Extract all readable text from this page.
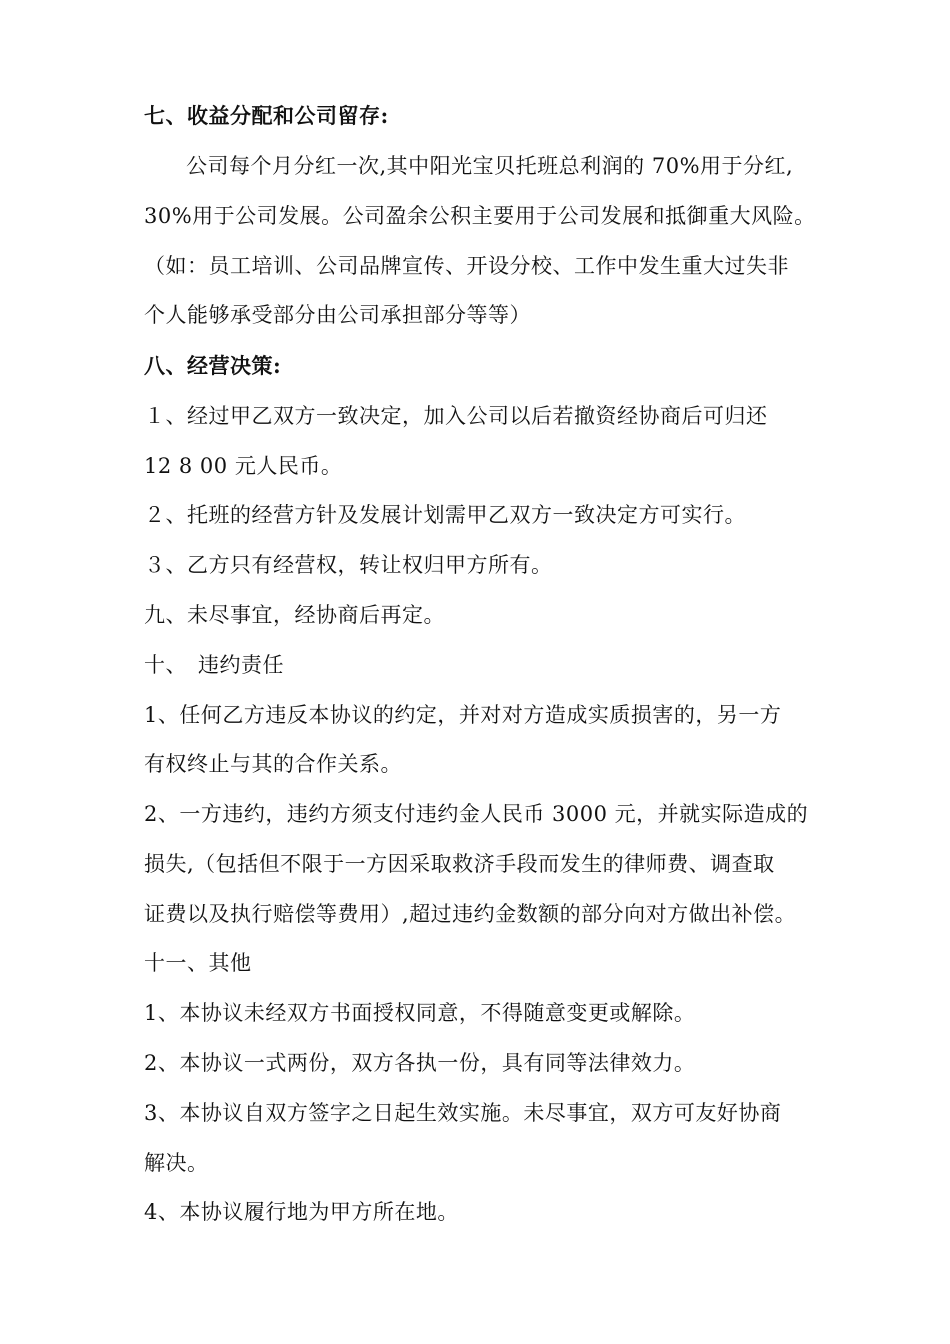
七、收益分配和公司留存:
公司每个月分红一次,其中阳光宝贝托班总利润的 70%用于分红,
30%用于公司发展。公司盈余公积主要用于公司发展和抵御重大风险。
（如：员工培训、公司品牌宣传、开设分校、工作中发生重大过失非
个人能够承受部分由公司承担部分等等）
八、经营决策:
１、经过甲乙双方一致决定，加入公司以后若撤资经协商后可归还
12 8 00 元人民币。
２、托班的经营方针及发展计划需甲乙双方一致决定方可实行。
３、乙方只有经营权，转让权归甲方所有。
九、未尽事宜，经协商后再定。
十、　违约责任
1、任何乙方违反本协议的约定，并对对方造成实质损害的，另一方
有权终止与其的合作关系。
2、一方违约，违约方须支付违约金人民币 3000 元，并就实际造成的
损失,（包括但不限于一方因采取救济手段而发生的律师费、调查取
证费以及执行赔偿等费用）,超过违约金数额的部分向对方做出补偿。
十一、其他
1、本协议未经双方书面授权同意，不得随意变更或解除。
2、本协议一式两份，双方各执一份，具有同等法律效力。
3、本协议自双方签字之日起生效实施。未尽事宜，双方可友好协商
解决。
4、本协议履行地为甲方所在地。
